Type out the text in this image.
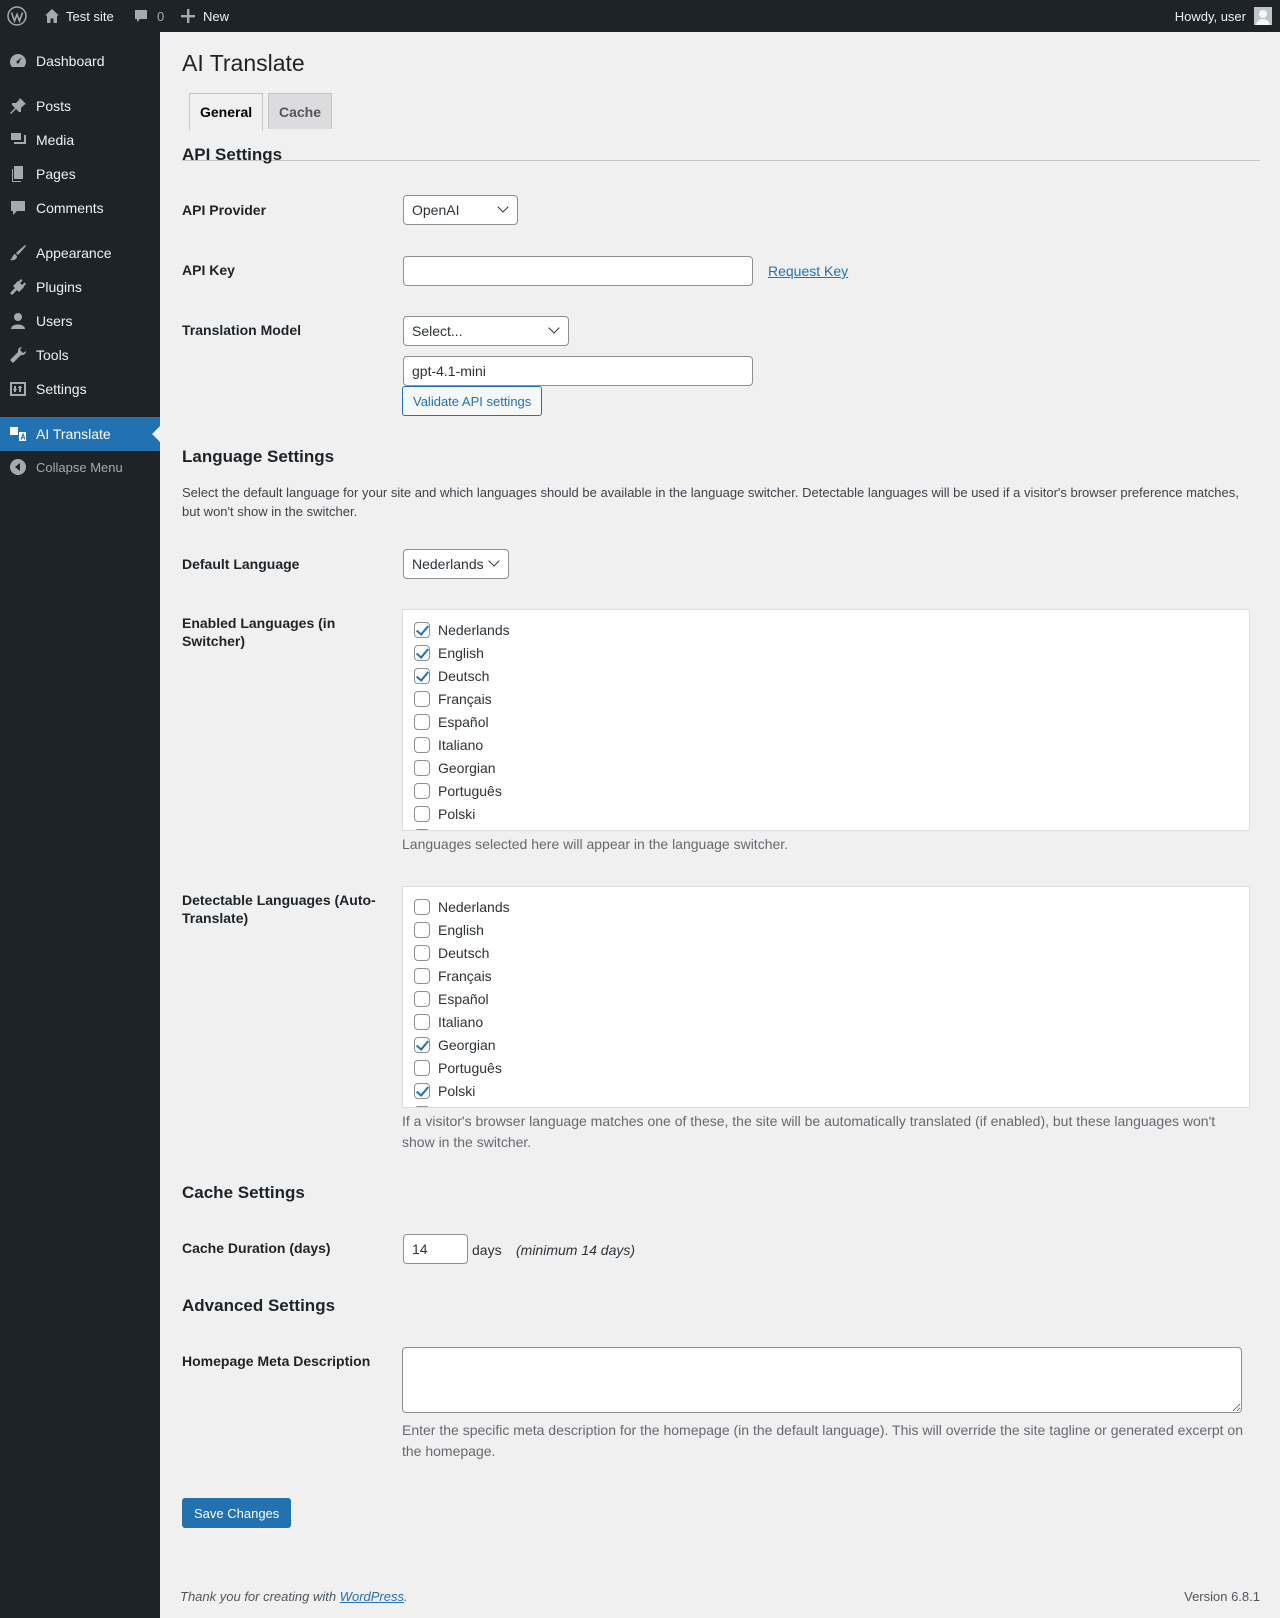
Test site	0	New	Howdy, user
Dashboard
Posts
Media
Pages
Comments
Appearance
Plugins
Users
Tools
Settings
AI Translate
Collapse Menu
AI Translate
General	Cache
API Settings
API Provider	OpenAI
API Key	Request Key
Translation Model	Select...
gpt-4.1-mini
Validate API settings
Language Settings
Select the default language for your site and which languages should be available in the language switcher. Detectable languages will be used if a visitor's browser preference matches, but won't show in the switcher.
Default Language	Nederlands
Enabled Languages (in Switcher)
Nederlands
English
Deutsch
Français
Español
Italiano
Georgian
Português
Polski
Languages selected here will appear in the language switcher.
Detectable Languages (Auto-Translate)
Nederlands
English
Deutsch
Français
Español
Italiano
Georgian
Português
Polski
If a visitor's browser language matches one of these, the site will be automatically translated (if enabled), but these languages won't show in the switcher.
Cache Settings
Cache Duration (days)
14	days (minimum 14 days)
Advanced Settings
Homepage Meta Description
Enter the specific meta description for the homepage (in the default language). This will override the site tagline or generated excerpt on the homepage.
Save Changes
Thank you for creating with WordPress.	Version 6.8.1
